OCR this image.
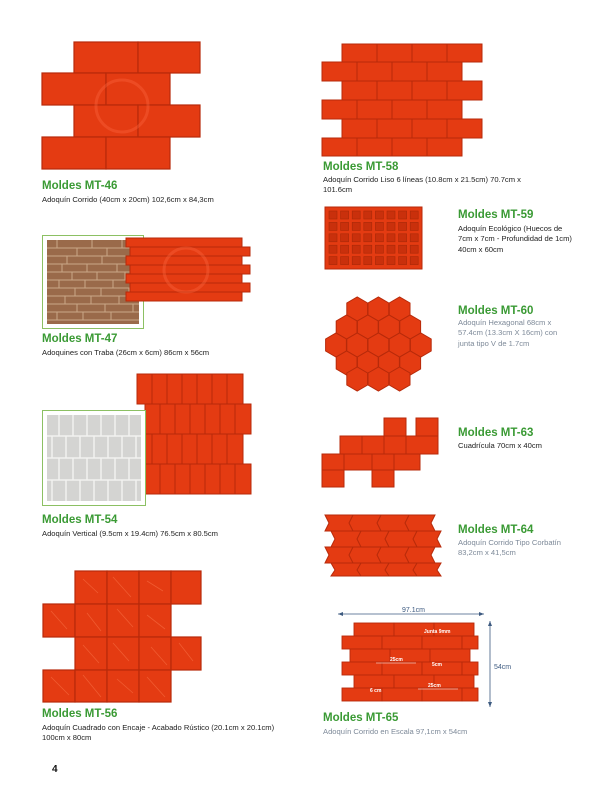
Moldes MT-46
Adoquín Corrido (40cm x 20cm) 102,6cm x 84,3cm
Moldes MT-47
Adoquines con Traba (26cm x 6cm) 86cm x 56cm
Moldes MT-54
Adoquín Vertical (9.5cm x 19.4cm) 76.5cm x 80.5cm
Moldes MT-56
Adoquín Cuadrado con Encaje - Acabado Rústico (20.1cm x 20.1cm) 100cm x 80cm
Moldes MT-58
Adoquín Corrido Liso 6 líneas (10.8cm x 21.5cm) 70.7cm x 101.6cm
Moldes MT-59
Adoquín Ecológico (Huecos de 7cm x 7cm - Profundidad de 1cm) 40cm x 60cm
Moldes MT-60
Adoquín Hexagonal 68cm x 57.4cm (13.3cm X 16cm) con junta tipo V de 1.7cm
Moldes MT-63
Cuadrícula 70cm x 40cm
Moldes MT-64
Adoquín Corrido Tipo Corbatín 83,2cm x 41,5cm
97.1cm
54cm
Junta 9mm
25cm
5cm
25cm
6 cm
Moldes MT-65
Adoquín Corrido en Escala 97,1cm x 54cm
4
